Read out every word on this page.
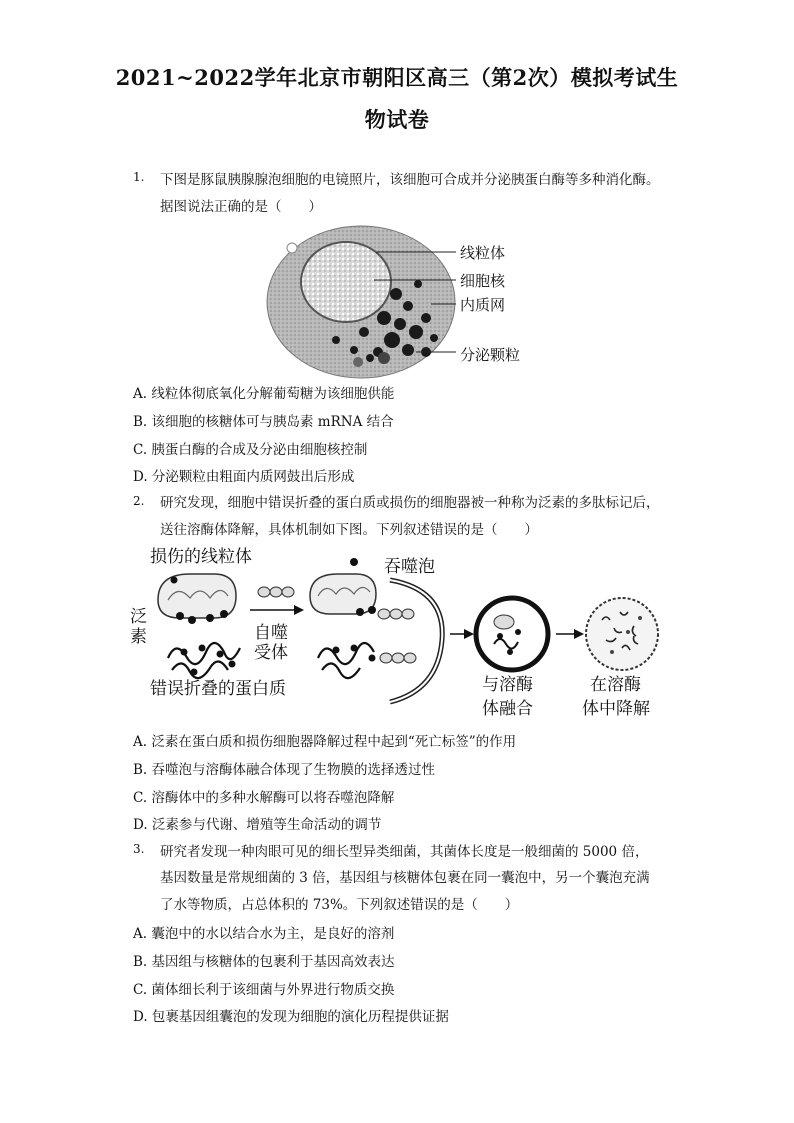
2021~2022学年北京市朝阳区高三（第2次）模拟考试生
物试卷
1. 下图是豚鼠胰腺腺泡细胞的电镜照片，该细胞可合成并分泌胰蛋白酶等多种消化酶。
据图说法正确的是（　　）
线粒体
细胞核
内质网
分泌颗粒
A. 线粒体彻底氧化分解葡萄糖为该细胞供能
B. 该细胞的核糖体可与胰岛素 mRNA 结合
C. 胰蛋白酶的合成及分泌由细胞核控制
D. 分泌颗粒由粗面内质网鼓出后形成
2. 研究发现，细胞中错误折叠的蛋白质或损伤的细胞器被一种称为泛素的多肽标记后，
送往溶酶体降解，具体机制如下图。下列叙述错误的是（　　）
损伤的线粒体
泛
素	自噬
受体
错误折叠的蛋白质
吞噬泡
与溶酶
体融合
在溶酶
体中降解
A. 泛素在蛋白质和损伤细胞器降解过程中起到“死亡标签”的作用
B. 吞噬泡与溶酶体融合体现了生物膜的选择透过性
C. 溶酶体中的多种水解酶可以将吞噬泡降解
D. 泛素参与代谢、增殖等生命活动的调节
3. 研究者发现一种肉眼可见的细长型异类细菌，其菌体长度是一般细菌的 5000 倍，
基因数量是常规细菌的 3 倍，基因组与核糖体包裹在同一囊泡中，另一个囊泡充满
了水等物质，占总体积的 73%。下列叙述错误的是（　　）
A. 囊泡中的水以结合水为主，是良好的溶剂
B. 基因组与核糖体的包裹利于基因高效表达
C. 菌体细长利于该细菌与外界进行物质交换
D. 包裹基因组囊泡的发现为细胞的演化历程提供证据
